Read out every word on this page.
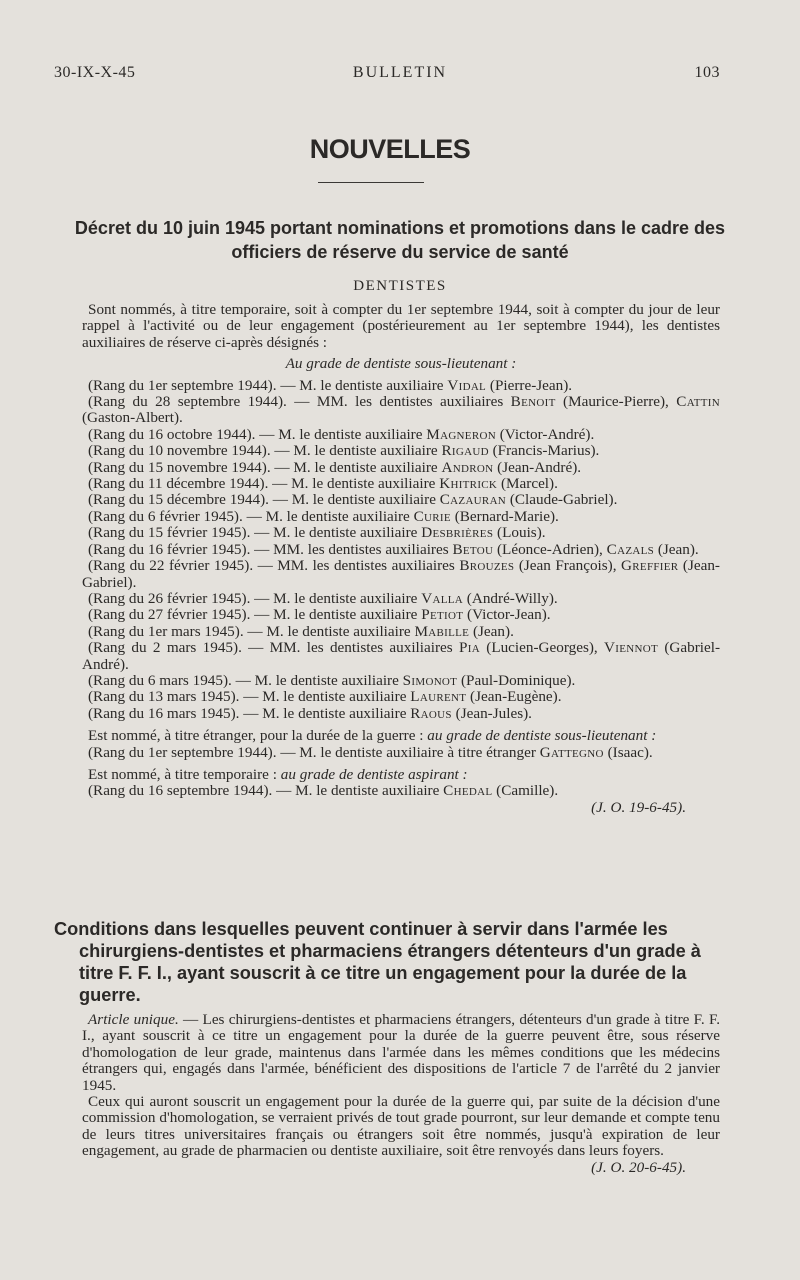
30-IX-X-45	BULLETIN	103
NOUVELLES
Décret du 10 juin 1945 portant nominations et promotions dans le cadre des officiers de réserve du service de santé
DENTISTES

Sont nommés, à titre temporaire, soit à compter du 1er septembre 1944, soit à compter du jour de leur rappel à l'activité ou de leur engagement (postérieurement au 1er septembre 1944), les dentistes auxiliaires de réserve ci-après désignés :

Au grade de dentiste sous-lieutenant :

(Rang du 1er septembre 1944). — M. le dentiste auxiliaire Vidal (Pierre-Jean).

(Rang du 28 septembre 1944). — MM. les dentistes auxiliaires Benoit (Maurice-Pierre), Cattin (Gaston-Albert).

(Rang du 16 octobre 1944). — M. le dentiste auxiliaire Magneron (Victor-André).

(Rang du 10 novembre 1944). — M. le dentiste auxiliaire Rigaud (Francis-Marius).

(Rang du 15 novembre 1944). — M. le dentiste auxiliaire Andron (Jean-André).

(Rang du 11 décembre 1944). — M. le dentiste auxiliaire Khitrick (Marcel).

(Rang du 15 décembre 1944). — M. le dentiste auxiliaire Cazauran (Claude-Gabriel).

(Rang du 6 février 1945). — M. le dentiste auxiliaire Curie (Bernard-Marie).

(Rang du 15 février 1945). — M. le dentiste auxiliaire Desbrières (Louis).

(Rang du 16 février 1945). — MM. les dentistes auxiliaires Betou (Léonce-Adrien), Cazals (Jean).

(Rang du 22 février 1945). — MM. les dentistes auxiliaires Brouzes (Jean François), Greffier (Jean-Gabriel).

(Rang du 26 février 1945). — M. le dentiste auxiliaire Valla (André-Willy).

(Rang du 27 février 1945). — M. le dentiste auxiliaire Petiot (Victor-Jean).

(Rang du 1er mars 1945). — M. le dentiste auxiliaire Mabille (Jean).

(Rang du 2 mars 1945). — MM. les dentistes auxiliaires Pia (Lucien-Georges), Viennot (Gabriel-André).

(Rang du 6 mars 1945). — M. le dentiste auxiliaire Simonot (Paul-Dominique).

(Rang du 13 mars 1945). — M. le dentiste auxiliaire Laurent (Jean-Eugène).

(Rang du 16 mars 1945). — M. le dentiste auxiliaire Raous (Jean-Jules).

Est nommé, à titre étranger, pour la durée de la guerre : au grade de dentiste sous-lieutenant :

(Rang du 1er septembre 1944). — M. le dentiste auxiliaire à titre étranger Gattegno (Isaac).

Est nommé, à titre temporaire : au grade de dentiste aspirant :

(Rang du 16 septembre 1944). — M. le dentiste auxiliaire Chedal (Camille).

(J. O. 19-6-45).

Conditions dans lesquelles peuvent continuer à servir dans l'armée les chirurgiens-dentistes et pharmaciens étrangers détenteurs d'un grade à titre F. F. I., ayant souscrit à ce titre un engagement pour la durée de la guerre.

Article unique. — Les chirurgiens-dentistes et pharmaciens étrangers, détenteurs d'un grade à titre F. F. I., ayant souscrit à ce titre un engagement pour la durée de la guerre peuvent être, sous réserve d'homologation de leur grade, maintenus dans l'armée dans les mêmes conditions que les médecins étrangers qui, engagés dans l'armée, bénéficient des dispositions de l'article 7 de l'arrêté du 2 janvier 1945.

Ceux qui auront souscrit un engagement pour la durée de la guerre qui, par suite de la décision d'une commission d'homologation, se verraient privés de tout grade pourront, sur leur demande et compte tenu de leurs titres universitaires français ou étrangers soit être nommés, jusqu'à expiration de leur engagement, au grade de pharmacien ou dentiste auxiliaire, soit être renvoyés dans leurs foyers.

(J. O. 20-6-45).
